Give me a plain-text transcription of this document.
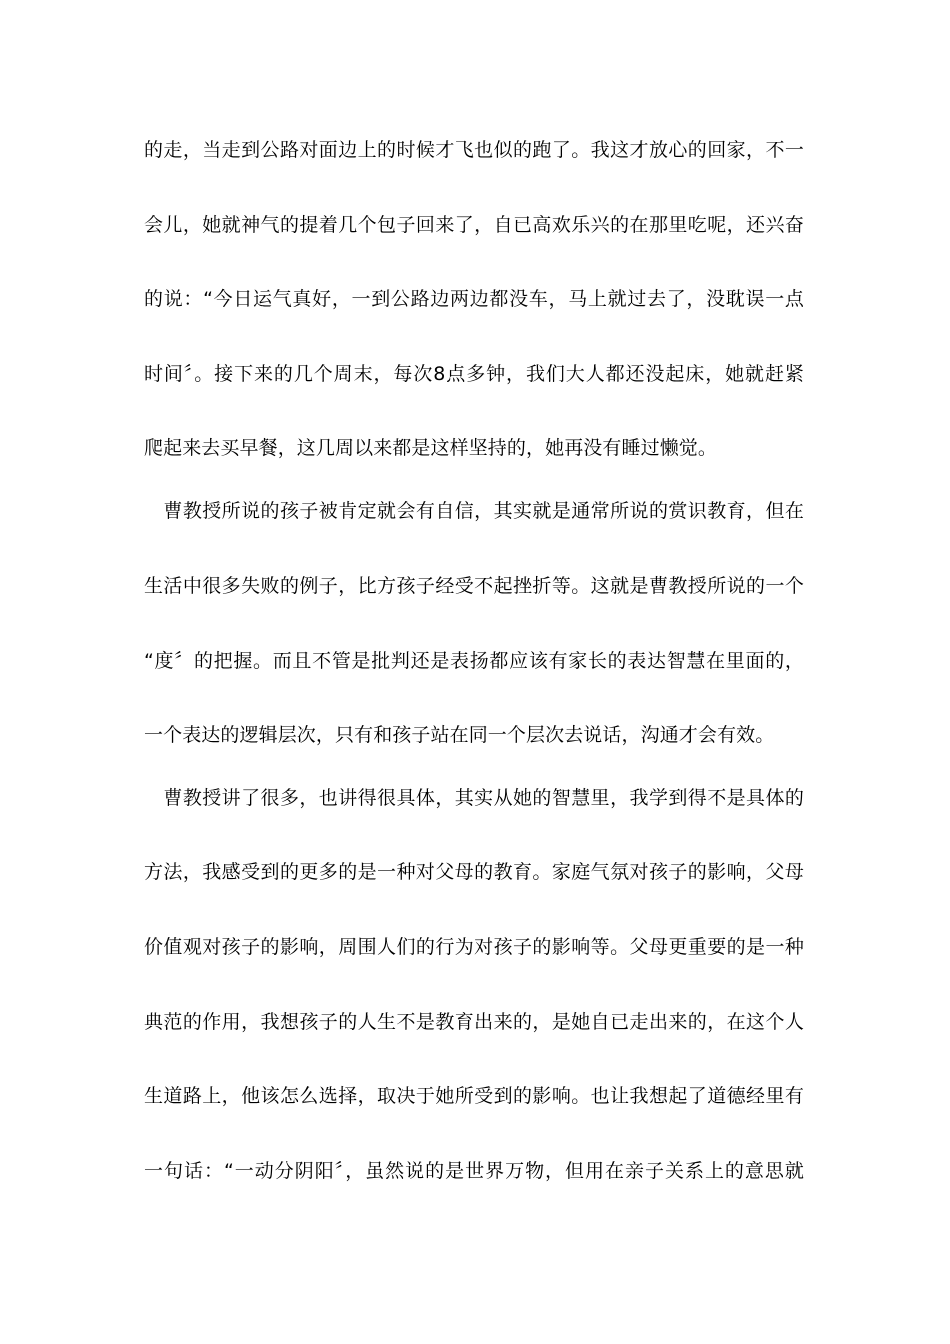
的走，当走到公路对面边上的时候才飞也似的跑了。我这才放心的回家，不一
会儿，她就神气的提着几个包子回来了，自已高欢乐兴的在那里吃呢，还兴奋
的说：“今日运气真好，一到公路边两边都没车，马上就过去了，没耽误一点
时间〞。接下来的几个周末，每次8点多钟，我们大人都还没起床，她就赶紧
爬起来去买早餐，这几周以来都是这样坚持的，她再没有睡过懒觉。
　曹教授所说的孩子被肯定就会有自信，其实就是通常所说的赏识教育，但在
生活中很多失败的例子，比方孩子经受不起挫折等。这就是曹教授所说的一个
“度〞的把握。而且不管是批判还是表扬都应该有家长的表达智慧在里面的，
一个表达的逻辑层次，只有和孩子站在同一个层次去说话，沟通才会有效。
　曹教授讲了很多，也讲得很具体，其实从她的智慧里，我学到得不是具体的
方法，我感受到的更多的是一种对父母的教育。家庭气氛对孩子的影响，父母
价值观对孩子的影响，周围人们的行为对孩子的影响等。父母更重要的是一种
典范的作用，我想孩子的人生不是教育出来的，是她自已走出来的，在这个人
生道路上，他该怎么选择，取决于她所受到的影响。也让我想起了道德经里有
一句话：“一动分阴阳〞，虽然说的是世界万物，但用在亲子关系上的意思就
